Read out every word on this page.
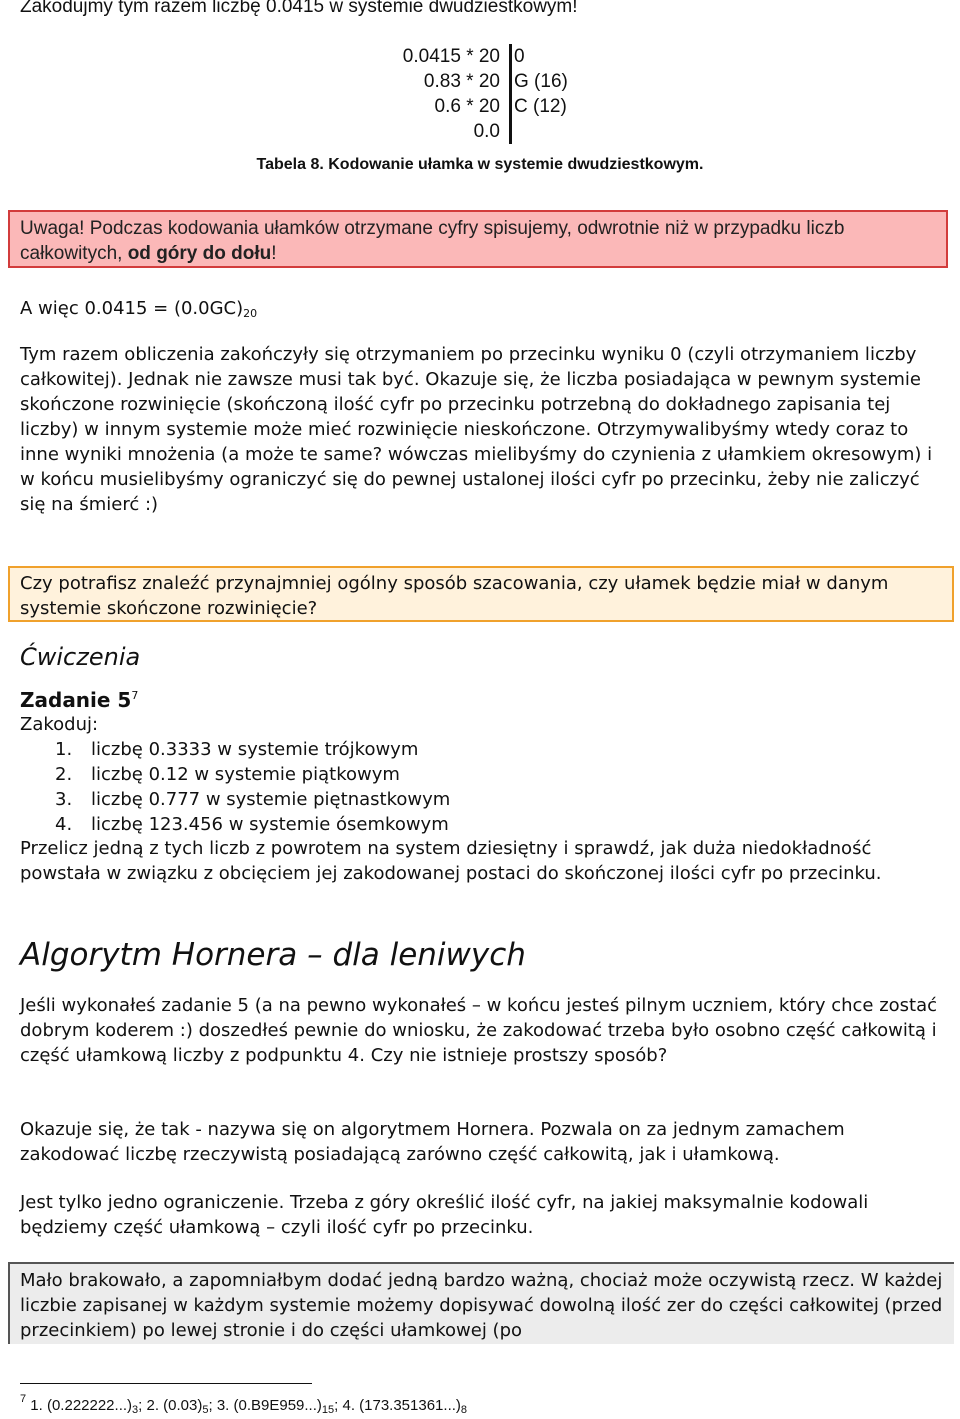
Zakodujmy tym razem liczbę 0.0415 w systemie dwudziestkowym!
0.0415 * 20 0
0.83 * 20 G (16)
0.6 * 20 C (12)
0.0
Tabela 8. Kodowanie ułamka w systemie dwudziestkowym.
Uwaga! Podczas kodowania ułamków otrzymane cyfry spisujemy, odwrotnie niż w przypadku liczb całkowitych, od góry do dołu!
A więc $0.0415 = (0.0GC)_{20}$

Tym razem obliczenia zakończyły się otrzymaniem po przecinku wyniku 0 (czyli otrzymaniem liczby całkowitej). Jednak nie zawsze musi tak być. Okazuje się, że liczba posiadająca w pewnym systemie skończone rozwinięcie (skończoną ilość cyfr po przecinku potrzebną do dokładnego zapisania tej liczby) w innym systemie może mieć rozwinięcie nieskończone. Otrzymywalibyśmy wtedy coraz to inne wyniki mnożenia (a może te same? wówczas mielibyśmy do czynienia z ułamkiem okresowym) i w końcu musielibyśmy ograniczyć się do pewnej ustalonej ilości cyfr po przecinku, żeby nie zaliczyć się na śmierć :)

Czy potrafisz znaleźć przynajmniej ogólny sposób szacowania, czy ułamek będzie miał w danym systemie skończone rozwinięcie?
Ćwiczenia
Zadanie $5^7$
Zakoduj:
1.	liczbę 0.3333 w systemie trójkowym
2.	liczbę 0.12 w systemie piątkowym
3.	liczbę 0.777 w systemie piętnastkowym
4.	liczbę 123.456 w systemie ósemkowym

Przelicz jedną z tych liczb z powrotem na system dziesiętny i sprawdź, jak duża niedokładność powstała w związku z obcięciem jej zakodowanej postaci do skończonej ilości cyfr po przecinku.

Algorytm Hornera – dla leniwych

Jeśli wykonałeś zadanie 5 (a na pewno wykonałeś – w końcu jesteś pilnym uczniem, który chce zostać dobrym koderem :) doszedłeś pewnie do wniosku, że zakodować trzeba było osobno część całkowitą i część ułamkową liczby z podpunktu 4. Czy nie istnieje prostszy sposób?

Okazuje się, że tak - nazywa się on algorytmem Hornera. Pozwala on za jednym zamachem zakodować liczbę rzeczywistą posiadającą zarówno część całkowitą, jak i ułamkową.

Jest tylko jedno ograniczenie. Trzeba z góry określić ilość cyfr, na jakiej maksymalnie kodowali będziemy część ułamkową – czyli ilość cyfr po przecinku.

Mało brakowało, a zapomniałbym dodać jedną bardzo ważną, chociaż może oczywistą rzecz. W każdej liczbie zapisanej w każdym systemie możemy dopisywać dowolną ilość zer do części całkowitej (przed przecinkiem) po lewej stronie i do części ułamkowej (po
$^7$ 1. $(0.222222...)_3$; 2. $(0.03)_5$; 3. $(0.B9E959...)_{15}$; 4. $(173.351361...)_8$
